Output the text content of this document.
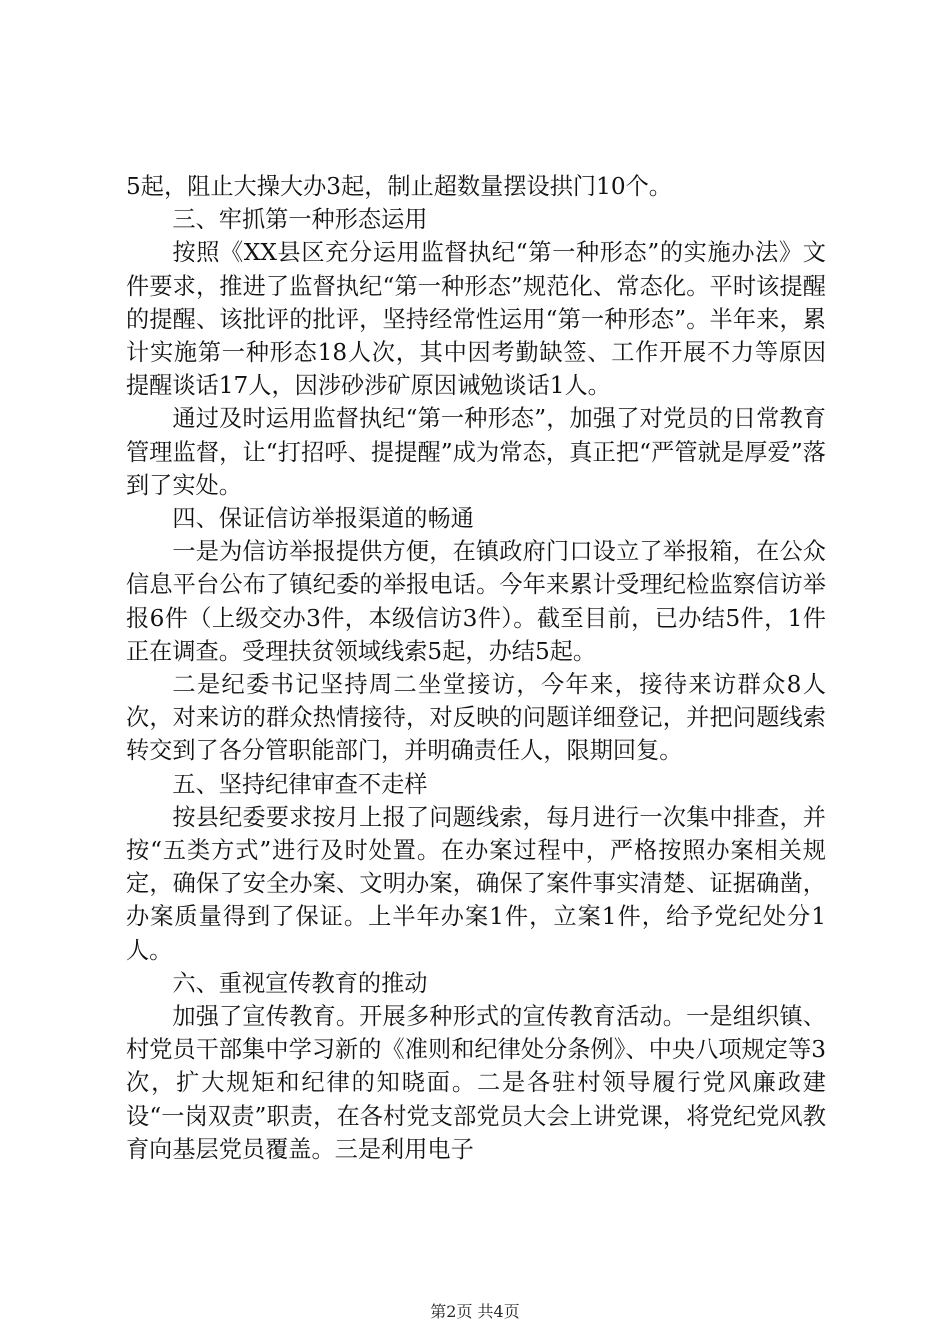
5起，阻止大操大办3起，制止超数量摆设拱门10个。

三、牢抓第一种形态运用

按照《XX县区充分运用监督执纪“第一种形态”的实施办法》文件要求，推进了监督执纪“第一种形态”规范化、常态化。平时该提醒的提醒、该批评的批评，坚持经常性运用“第一种形态”。半年来，累计实施第一种形态18人次，其中因考勤缺签、工作开展不力等原因提醒谈话17人，因涉砂涉矿原因诫勉谈话1人。

通过及时运用监督执纪“第一种形态”，加强了对党员的日常教育管理监督，让“打招呼、提提醒”成为常态，真正把“严管就是厚爱”落到了实处。

四、保证信访举报渠道的畅通

一是为信访举报提供方便，在镇政府门口设立了举报箱，在公众信息平台公布了镇纪委的举报电话。今年来累计受理纪检监察信访举报6件（上级交办3件，本级信访3件）。截至目前，已办结5件，1件正在调查。受理扶贫领域线索5起，办结5起。

二是纪委书记坚持周二坐堂接访，今年来，接待来访群众8人次，对来访的群众热情接待，对反映的问题详细登记，并把问题线索转交到了各分管职能部门，并明确责任人，限期回复。

五、坚持纪律审查不走样

按县纪委要求按月上报了问题线索，每月进行一次集中排查，并按“五类方式”进行及时处置。在办案过程中，严格按照办案相关规定，确保了安全办案、文明办案，确保了案件事实清楚、证据确凿，办案质量得到了保证。上半年办案1件，立案1件，给予党纪处分1人。

六、重视宣传教育的推动

加强了宣传教育。开展多种形式的宣传教育活动。一是组织镇、村党员干部集中学习新的《准则和纪律处分条例》、中央八项规定等3次，扩大规矩和纪律的知晓面。二是各驻村领导履行党风廉政建设“一岗双责”职责，在各村党支部党员大会上讲党课，将党纪党风教育向基层党员覆盖。三是利用电子

第2页 共4页
